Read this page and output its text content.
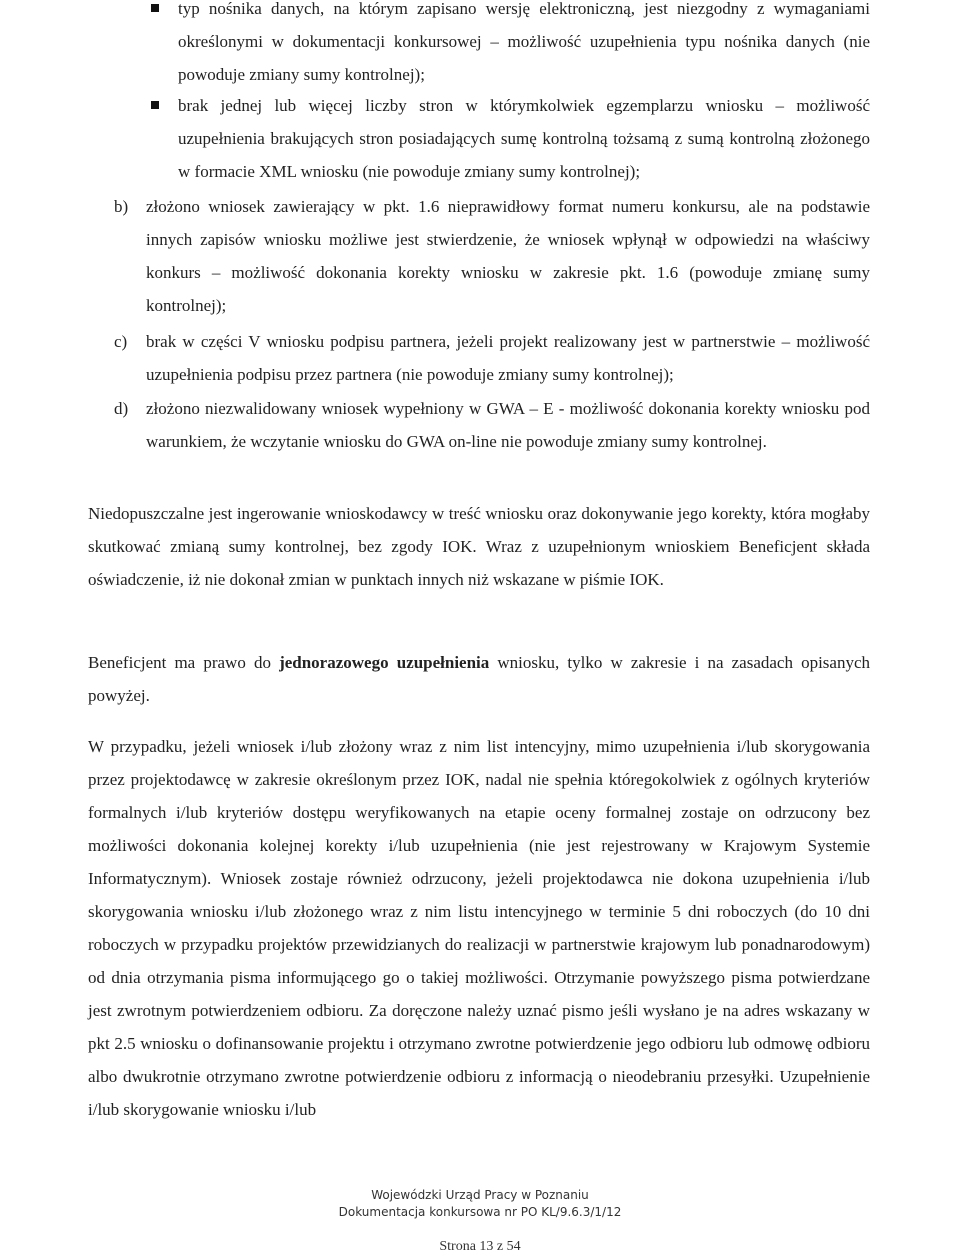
typ nośnika danych, na którym zapisano wersję elektroniczną, jest niezgodny z wymaganiami określonymi w dokumentacji konkursowej – możliwość uzupełnienia typu nośnika danych (nie powoduje zmiany sumy kontrolnej);
brak jednej lub więcej liczby stron w którymkolwiek egzemplarzu wniosku – możliwość uzupełnienia brakujących stron posiadających sumę kontrolną tożsamą z sumą kontrolną złożonego w formacie XML wniosku (nie powoduje zmiany sumy kontrolnej);
b) złożono wniosek zawierający w pkt. 1.6 nieprawidłowy format numeru konkursu, ale na podstawie innych zapisów wniosku możliwe jest stwierdzenie, że wniosek wpłynął w odpowiedzi na właściwy konkurs – możliwość dokonania korekty wniosku w zakresie pkt. 1.6 (powoduje zmianę sumy kontrolnej);
c) brak w części V wniosku podpisu partnera, jeżeli projekt realizowany jest w partnerstwie – możliwość uzupełnienia podpisu przez partnera (nie powoduje zmiany sumy kontrolnej);
d) złożono niezwalidowany wniosek wypełniony w GWA – E - możliwość dokonania korekty wniosku pod warunkiem, że wczytanie wniosku do GWA on-line nie powoduje zmiany sumy kontrolnej.
Niedopuszczalne jest ingerowanie wnioskodawcy w treść wniosku oraz dokonywanie jego korekty, która mogłaby skutkować zmianą sumy kontrolnej, bez zgody IOK. Wraz z uzupełnionym wnioskiem Beneficjent składa oświadczenie, iż nie dokonał zmian w punktach innych niż wskazane w piśmie IOK.
Beneficjent ma prawo do jednorazowego uzupełnienia wniosku, tylko w zakresie i na zasadach opisanych powyżej.
W przypadku, jeżeli wniosek i/lub złożony wraz z nim list intencyjny, mimo uzupełnienia i/lub skorygowania przez projektodawcę w zakresie określonym przez IOK, nadal nie spełnia któregokolwiek z ogólnych kryteriów formalnych i/lub kryteriów dostępu weryfikowanych na etapie oceny formalnej zostaje on odrzucony bez możliwości dokonania kolejnej korekty i/lub uzupełnienia (nie jest rejestrowany w Krajowym Systemie Informatycznym). Wniosek zostaje również odrzucony, jeżeli projektodawca nie dokona uzupełnienia i/lub skorygowania wniosku i/lub złożonego wraz z nim listu intencyjnego w terminie 5 dni roboczych (do 10 dni roboczych w przypadku projektów przewidzianych do realizacji w partnerstwie krajowym lub ponadnarodowym) od dnia otrzymania pisma informującego go o takiej możliwości. Otrzymanie powyższego pisma potwierdzane jest zwrotnym potwierdzeniem odbioru. Za doręczone należy uznać pismo jeśli wysłano je na adres wskazany w pkt 2.5 wniosku o dofinansowanie projektu i otrzymano zwrotne potwierdzenie jego odbioru lub odmowę odbioru albo dwukrotnie otrzymano zwrotne potwierdzenie odbioru z informacją o nieodebraniu przesyłki. Uzupełnienie i/lub skorygowanie wniosku i/lub
Wojewódzki Urząd Pracy w Poznaniu
Dokumentacja konkursowa nr PO KL/9.6.3/1/12
Strona 13 z 54
